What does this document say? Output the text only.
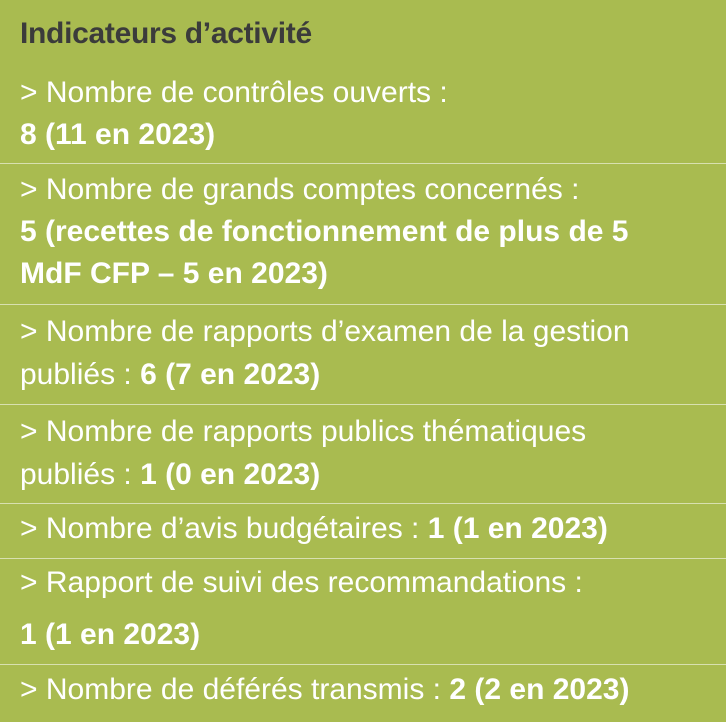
Indicateurs d’activité
> Nombre de contrôles ouverts :
8 (11 en 2023)
> Nombre de grands comptes concernés :
5 (recettes de fonctionnement de plus de 5
MdF CFP – 5 en 2023)
> Nombre de rapports d’examen de la gestion
publiés : 6 (7 en 2023)
> Nombre de rapports publics thématiques
publiés : 1 (0 en 2023)
> Nombre d’avis budgétaires : 1 (1 en 2023)
> Rapport de suivi des recommandations :
1 (1 en 2023)
> Nombre de déférés transmis : 2 (2 en 2023)
